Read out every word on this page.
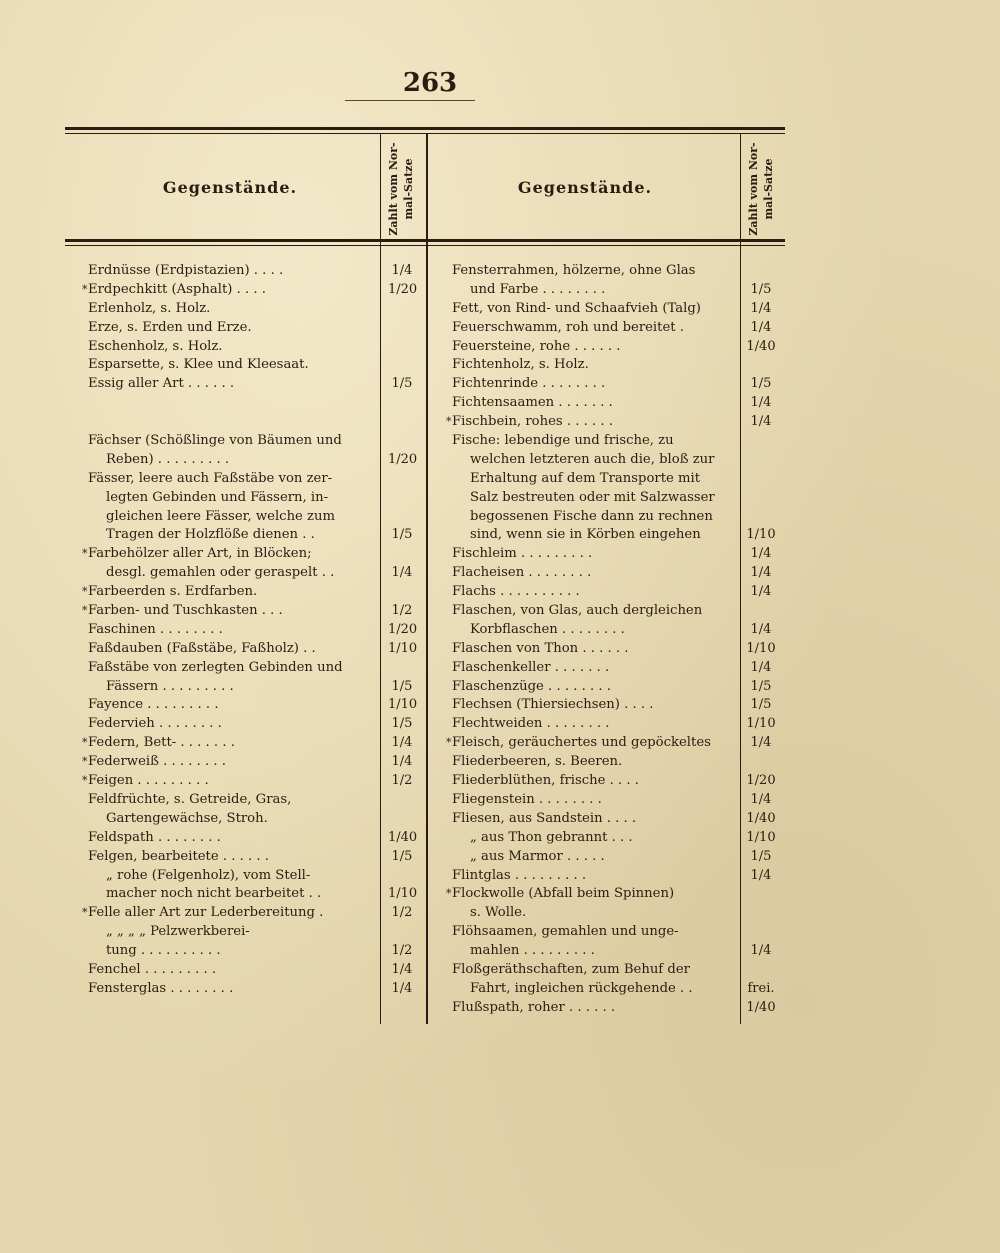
263
Gegenstände.	Zahlt vom Nor- mal-Satze	Gegenstände.	Zahlt vom Nor- mal-Satze
Erdnüsse (Erdpistazien) . . . .	1/4
* Erdpechkitt (Asphalt) . . . .	1/20
Erlenholz, s. Holz.
Erze, s. Erden und Erze.
Eschenholz, s. Holz.
Esparsette, s. Klee und Kleesaat.
Essig aller Art . . . . . .	1/5
Fächser (Schößlinge von Bäumen und
Reben) . . . . . . . . .	1/20
Fässer, leere auch Faßstäbe von zer-
legten Gebinden und Fässern, in-
gleichen leere Fässer, welche zum
Tragen der Holzflöße dienen . .	1/5
* Farbehölzer aller Art, in Blöcken;
desgl. gemahlen oder geraspelt . .	1/4
* Farbeerden s. Erdfarben.
* Farben- und Tuschkasten . . .	1/2
Faschinen . . . . . . . .	1/20
Faßdauben (Faßstäbe, Faßholz) . .	1/10
Faßstäbe von zerlegten Gebinden und
Fässern . . . . . . . . .	1/5
Fayence . . . . . . . . .	1/10
Federvieh . . . . . . . .	1/5
* Federn, Bett- . . . . . . .	1/4
* Federweiß . . . . . . . .	1/4
* Feigen . . . . . . . . .	1/2
Feldfrüchte, s. Getreide, Gras,
Gartengewächse, Stroh.
Feldspath . . . . . . . .	1/40
Felgen, bearbeitete . . . . . .	1/5
„ rohe (Felgenholz), vom Stell-
macher noch nicht bearbeitet . .	1/10
* Felle aller Art zur Lederbereitung .	1/2
„ „ „ „ Pelzwerkberei-
tung . . . . . . . . . .	1/2
Fenchel . . . . . . . . .	1/4
Fensterglas . . . . . . . .	1/4
Fensterrahmen, hölzerne, ohne Glas
und Farbe . . . . . . . .	1/5
Fett, von Rind- und Schaafvieh (Talg)	1/4
Feuerschwamm, roh und bereitet .	1/4
Feuersteine, rohe . . . . . .	1/40
Fichtenholz, s. Holz.
Fichtenrinde . . . . . . . .	1/5
Fichtensaamen . . . . . . .	1/4
* Fischbein, rohes . . . . . .	1/4
Fische: lebendige und frische, zu
welchen letzteren auch die, bloß zur
Erhaltung auf dem Transporte mit
Salz bestreuten oder mit Salzwasser
begossenen Fische dann zu rechnen
sind, wenn sie in Körben eingehen	1/10
Fischleim . . . . . . . . .	1/4
Flacheisen . . . . . . . .	1/4
Flachs . . . . . . . . . .	1/4
Flaschen, von Glas, auch dergleichen
Korbflaschen . . . . . . . .	1/4
Flaschen von Thon . . . . . .	1/10
Flaschenkeller . . . . . . .	1/4
Flaschenzüge . . . . . . . .	1/5
Flechsen (Thiersiechsen) . . . .	1/5
Flechtweiden . . . . . . . .	1/10
* Fleisch, geräuchertes und gepöckeltes	1/4
Fliederbeeren, s. Beeren.
Fliederblüthen, frische . . . .	1/20
Fliegenstein . . . . . . . .	1/4
Fliesen, aus Sandstein . . . .	1/40
„ aus Thon gebrannt . . .	1/10
„ aus Marmor . . . . .	1/5
Flintglas . . . . . . . . .	1/4
* Flockwolle (Abfall beim Spinnen)
s. Wolle.
Flöhsaamen, gemahlen und unge-
mahlen . . . . . . . . .	1/4
Floßgeräthschaften, zum Behuf der
Fahrt, ingleichen rückgehende . .	frei.
Flußspath, roher . . . . . .	1/40
